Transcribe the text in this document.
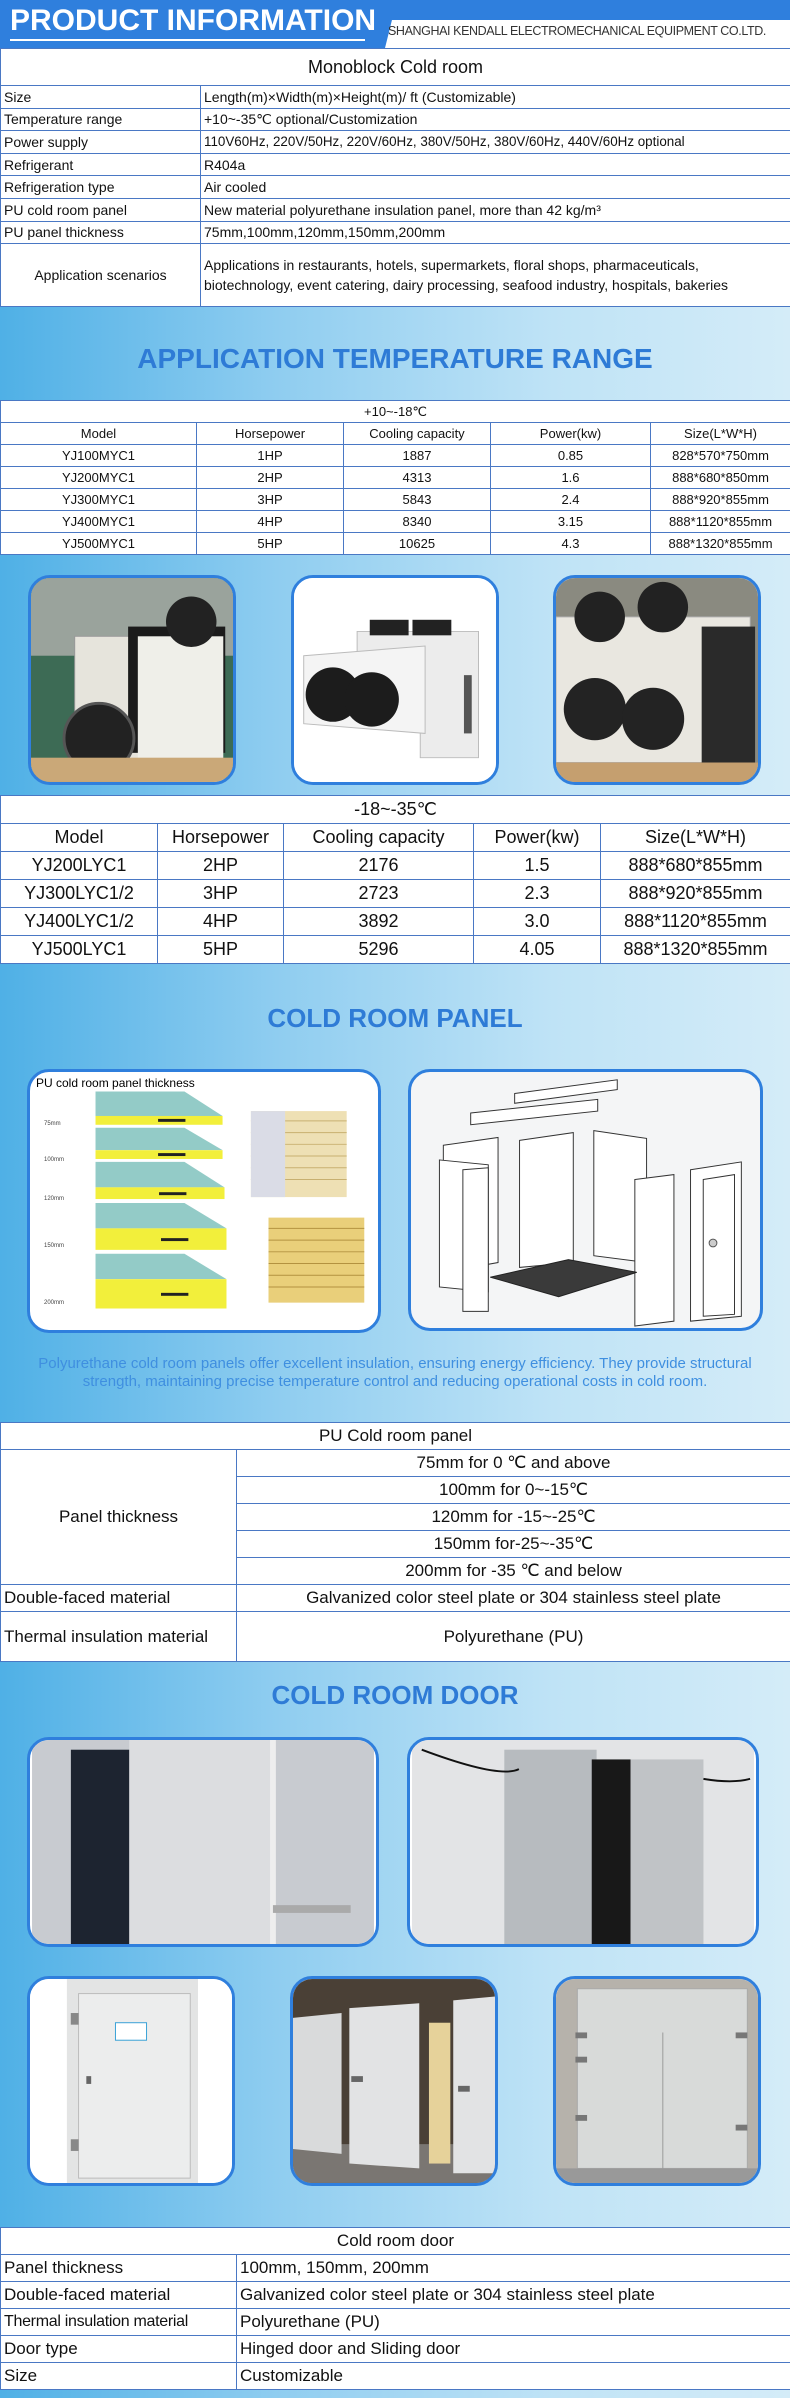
PRODUCT INFORMATION SHANGHAI KENDALL ELECTROMECHANICAL EQUIPMENT CO.LTD.
Monoblock Cold room	
Size	Length(m)×Width(m)×Height(m)/ ft (Customizable)
Temperature range	+10~-35℃ optional/Customization
Power supply	110V60Hz, 220V/50Hz, 220V/60Hz, 380V/50Hz, 380V/60Hz, 440V/60Hz optional
Refrigerant	R404a
Refrigeration type	Air cooled
PU cold room panel	New material polyurethane insulation panel, more than 42 kg/m³
PU panel thickness	75mm,100mm,120mm,150mm,200mm
Application scenarios	Applications in restaurants, hotels, supermarkets, floral shops, pharmaceuticals, biotechnology, event catering, dairy processing, seafood industry, hospitals, bakeries
APPLICATION TEMPERATURE RANGE
+10~-18℃				
Model	Horsepower	Cooling capacity	Power(kw)	Size(L*W*H)
YJ100MYC1	1HP	1887	0.85	828*570*750mm
YJ200MYC1	2HP	4313	1.6	888*680*850mm
YJ300MYC1	3HP	5843	2.4	888*920*855mm
YJ400MYC1	4HP	8340	3.15	888*1120*855mm
YJ500MYC1	5HP	10625	4.3	888*1320*855mm
-18~-35℃				
Model	Horsepower	Cooling capacity	Power(kw)	Size(L*W*H)
YJ200LYC1	2HP	2176	1.5	888*680*855mm
YJ300LYC1/2	3HP	2723	2.3	888*920*855mm
YJ400LYC1/2	4HP	3892	3.0	888*1120*855mm
YJ500LYC1	5HP	5296	4.05	888*1320*855mm
COLD ROOM PANEL
PU cold room panel thickness
75mm
100mm
120mm
150mm
200mm
Polyurethane cold room panels offer excellent insulation, ensuring energy efficiency. They provide structural strength, maintaining precise temperature control and reducing operational costs in cold room.
PU Cold room panel	
Panel thickness	75mm for 0 ℃ and above
	100mm for 0~-15℃
	120mm for -15~-25℃
	150mm for-25~-35℃
	200mm for -35 ℃ and below
Double-faced material	Galvanized color steel plate or 304 stainless steel plate
Thermal insulation material	Polyurethane (PU)
COLD ROOM DOOR
Cold room door	
Panel thickness	100mm, 150mm, 200mm
Double-faced material	Galvanized color steel plate or 304 stainless steel plate
Thermal insulation material	Polyurethane (PU)
Door type	Hinged door and Sliding door
Size	Customizable
